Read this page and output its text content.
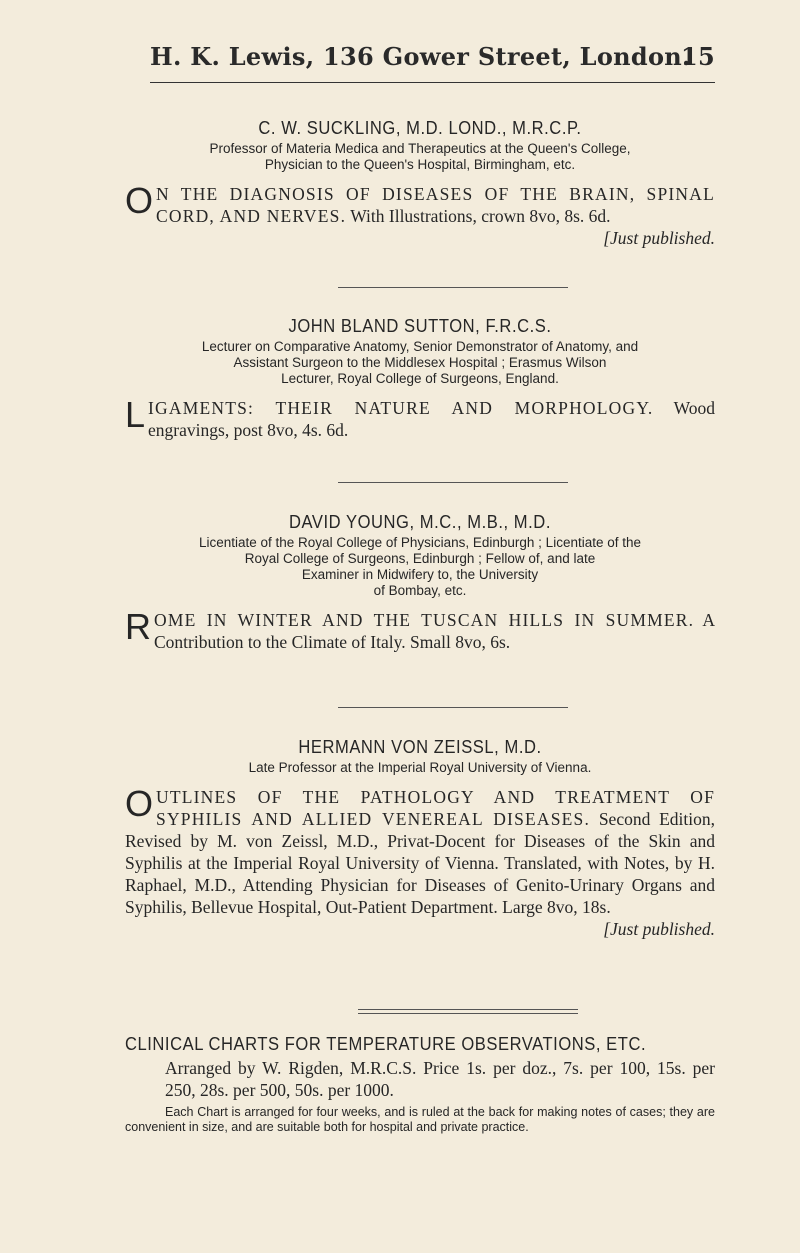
H. K. Lewis, 136 Gower Street, London.
15
C. W. SUCKLING, M.D. LOND., M.R.C.P.
Professor of Materia Medica and Therapeutics at the Queen's College,
Physician to the Queen's Hospital, Birmingham, etc.
O N THE DIAGNOSIS OF DISEASES OF THE BRAIN, SPINAL CORD, AND NERVES. With Illustrations, crown 8vo, 8s. 6d.
[Just published.
JOHN BLAND SUTTON, F.R.C.S.
Lecturer on Comparative Anatomy, Senior Demonstrator of Anatomy, and
Assistant Surgeon to the Middlesex Hospital ; Erasmus Wilson
Lecturer, Royal College of Surgeons, England.
LIGAMENTS: THEIR NATURE AND MORPHOLOGY. Wood engravings, post 8vo, 4s. 6d.
DAVID YOUNG, M.C., M.B., M.D.
Licentiate of the Royal College of Physicians, Edinburgh ; Licentiate of the
Royal College of Surgeons, Edinburgh ; Fellow of, and late
Examiner in Midwifery to, the University
of Bombay, etc.
ROME IN WINTER AND THE TUSCAN HILLS IN SUMMER. A Contribution to the Climate of Italy. Small 8vo, 6s.
HERMANN VON ZEISSL, M.D.
Late Professor at the Imperial Royal University of Vienna.
OUTLINES OF THE PATHOLOGY AND TREATMENT OF SYPHILIS AND ALLIED VENEREAL DISEASES. Second Edition, Revised by M. von Zeissl, M.D., Privat-Docent for Diseases of the Skin and Syphilis at the Imperial Royal University of Vienna. Translated, with Notes, by H. Raphael, M.D., Attending Physician for Diseases of Genito-Urinary Organs and Syphilis, Bellevue Hospital, Out-Patient Department. Large 8vo, 18s.
[Just published.
CLINICAL CHARTS FOR TEMPERATURE OBSERVATIONS, ETC.
Arranged by W. Rigden, M.R.C.S. Price 1s. per doz., 7s. per 100, 15s. per 250, 28s. per 500, 50s. per 1000.
Each Chart is arranged for four weeks, and is ruled at the back for making notes of cases; they are convenient in size, and are suitable both for hospital and private practice.
